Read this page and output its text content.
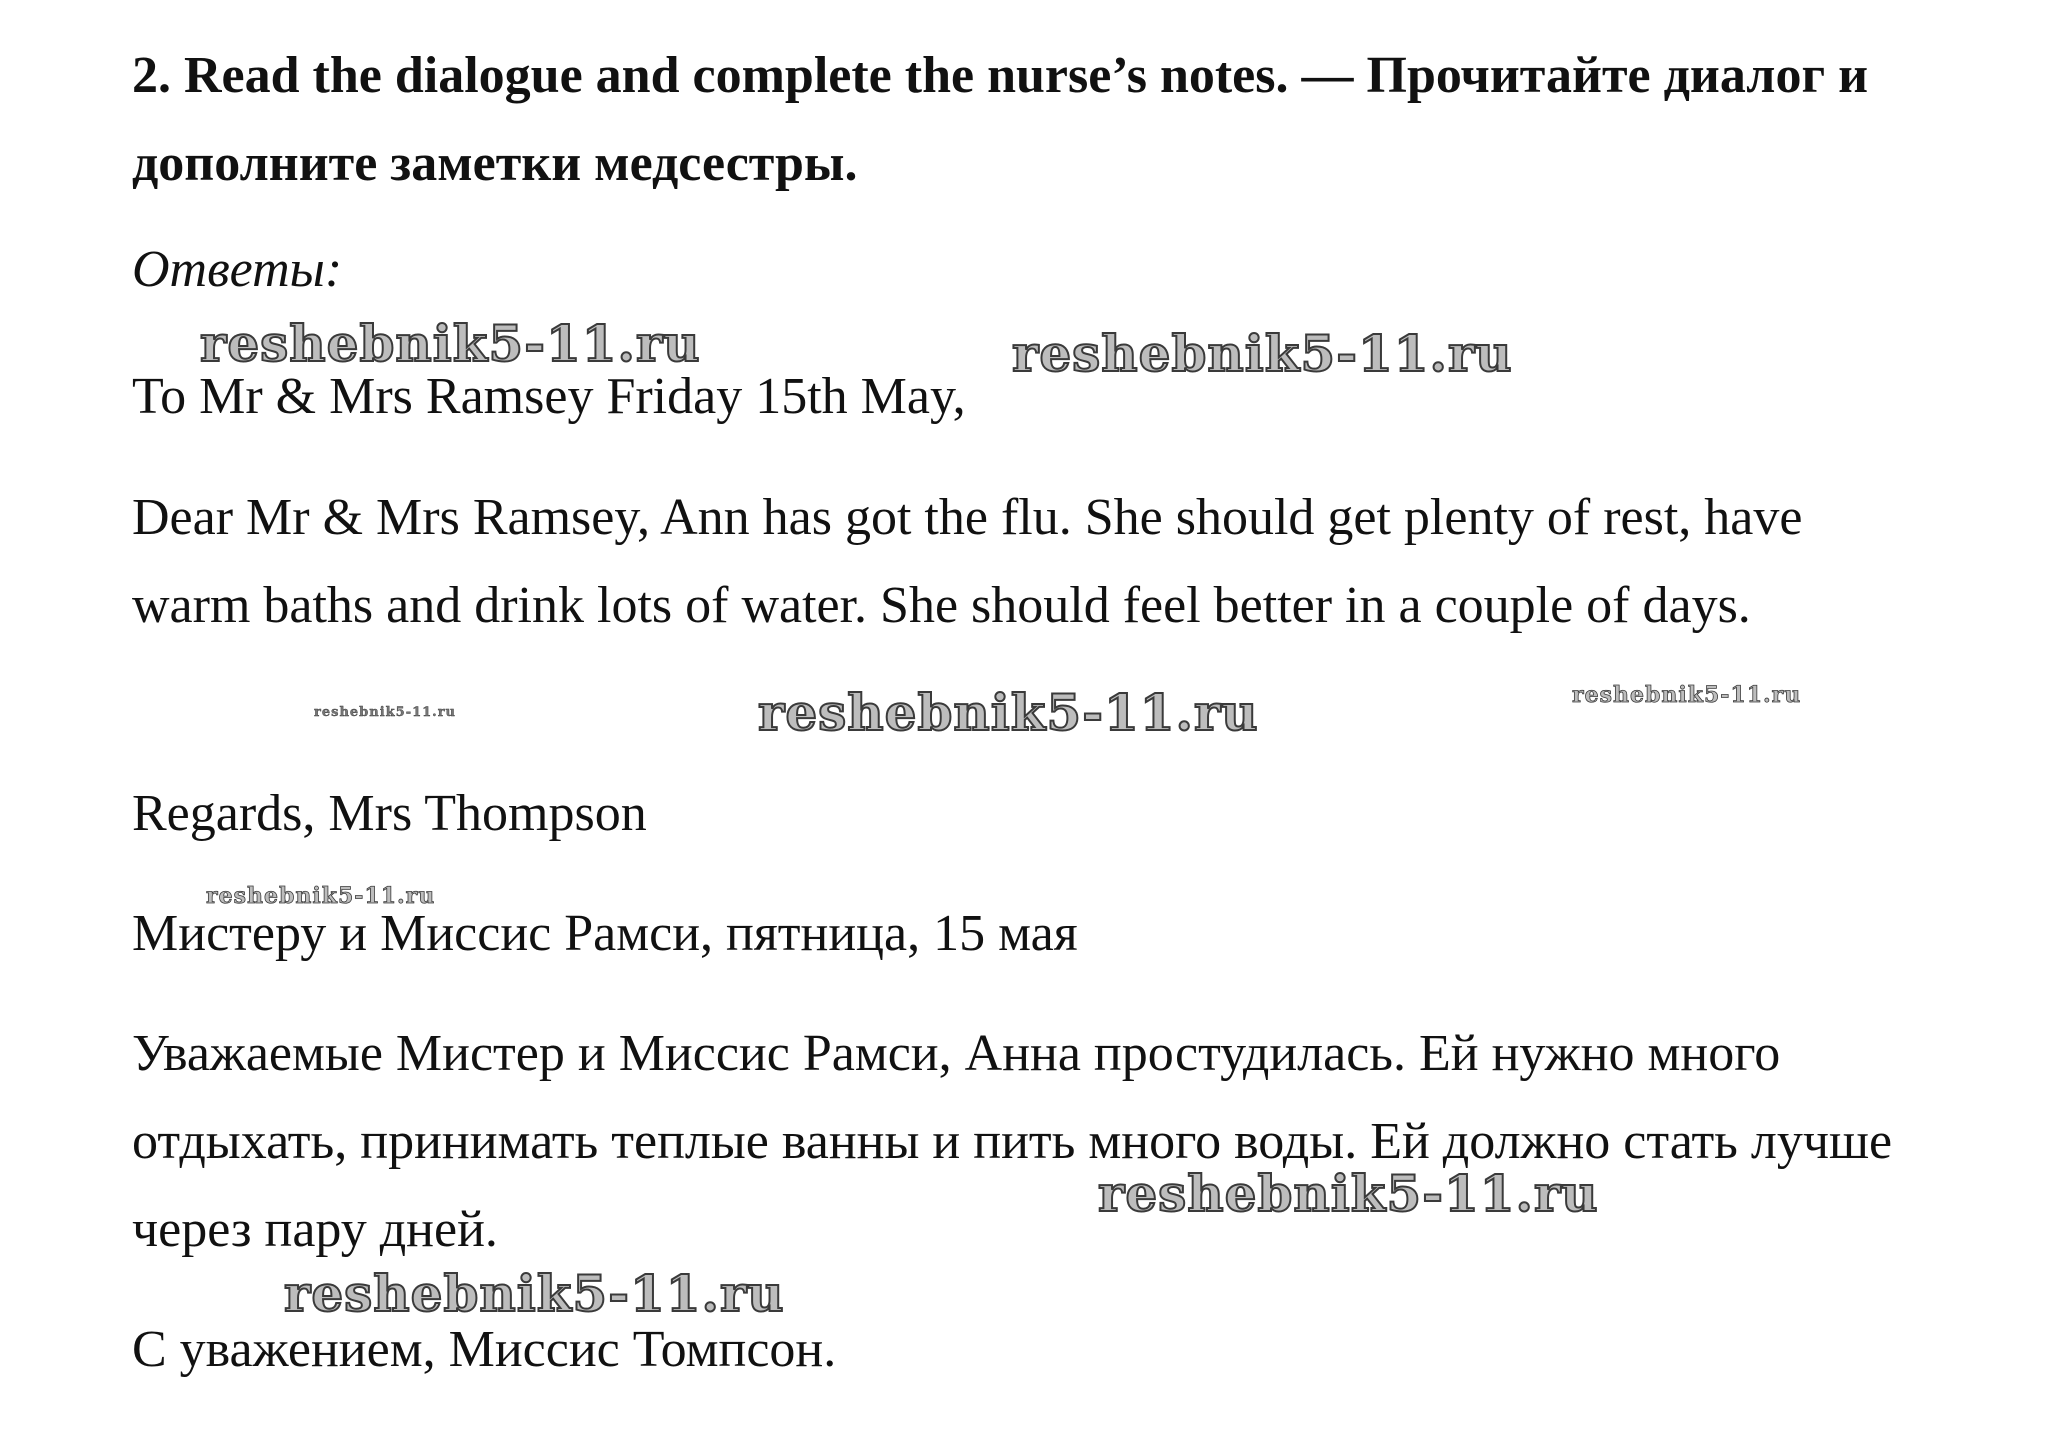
2. Read the dialogue and complete the nurse’s notes. — Прочитайте диалог и дополните заметки медсестры.

Ответы:

To Mr & Mrs Ramsey Friday 15th May,

Dear Mr & Mrs Ramsey, Ann has got the flu. She should get plenty of rest, have warm baths and drink lots of water. She should feel better in a couple of days.

Regards, Mrs Thompson

Мистеру и Миссис Рамси, пятница, 15 мая

Уважаемые Мистер и Миссис Рамси, Анна простудилась. Ей нужно много отдыхать, принимать теплые ванны и пить много воды. Ей должно стать лучше через пару дней.

С уважением, Миссис Томпсон.

reshebnik5-11.ru	reshebnik5-11.ru
reshebnik5-11.ru	reshebnik5-11.ru	reshebnik5-11.ru
reshebnik5-11.ru
reshebnik5-11.ru
reshebnik5-11.ru
